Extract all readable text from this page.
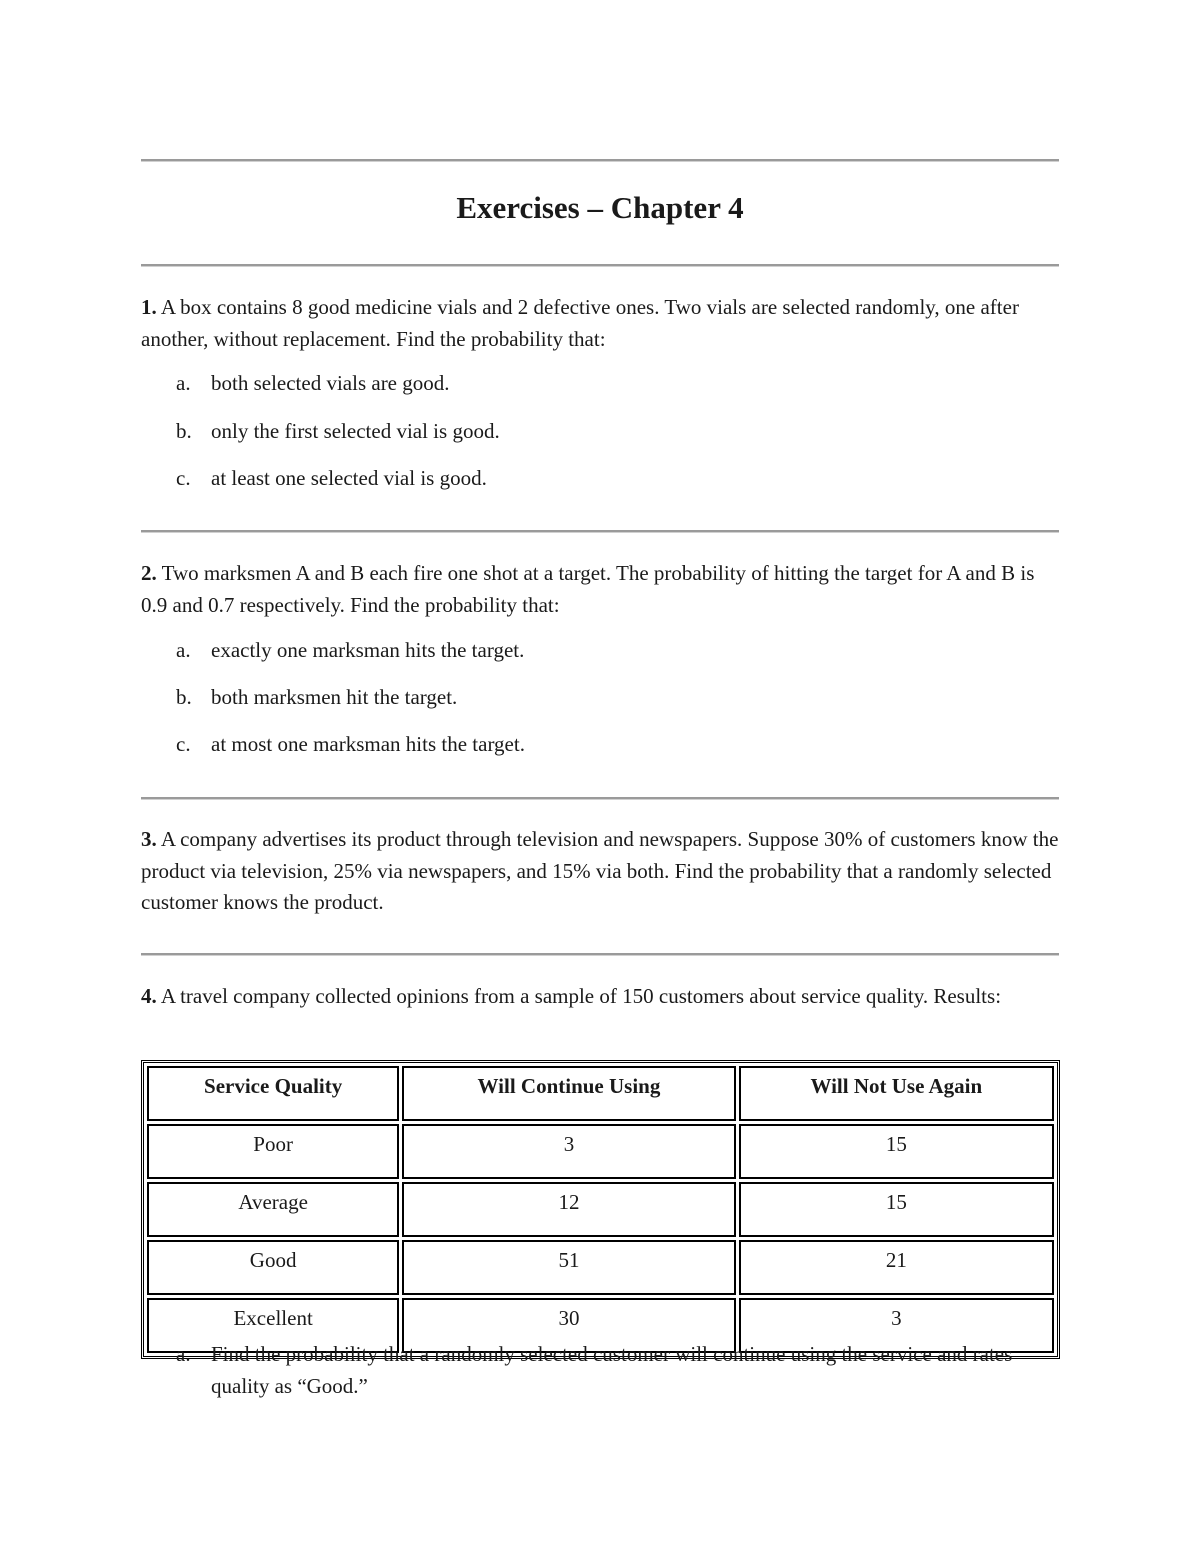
Exercises – Chapter 4
1. A box contains 8 good medicine vials and 2 defective ones. Two vials are selected randomly, one after another, without replacement. Find the probability that:
a. both selected vials are good.
b. only the first selected vial is good.
c. at least one selected vial is good.
2. Two marksmen A and B each fire one shot at a target. The probability of hitting the target for A and B is 0.9 and 0.7 respectively. Find the probability that:
a. exactly one marksman hits the target.
b. both marksmen hit the target.
c. at most one marksman hits the target.
3. A company advertises its product through television and newspapers. Suppose 30% of customers know the product via television, 25% via newspapers, and 15% via both. Find the probability that a randomly selected customer knows the product.
4. A travel company collected opinions from a sample of 150 customers about service quality. Results:
Service Quality	Will Continue Using	Will Not Use Again
Poor	3	15
Average	12	15
Good	51	21
Excellent	30	3
a. Find the probability that a randomly selected customer will continue using the service and rates quality as “Good.”
